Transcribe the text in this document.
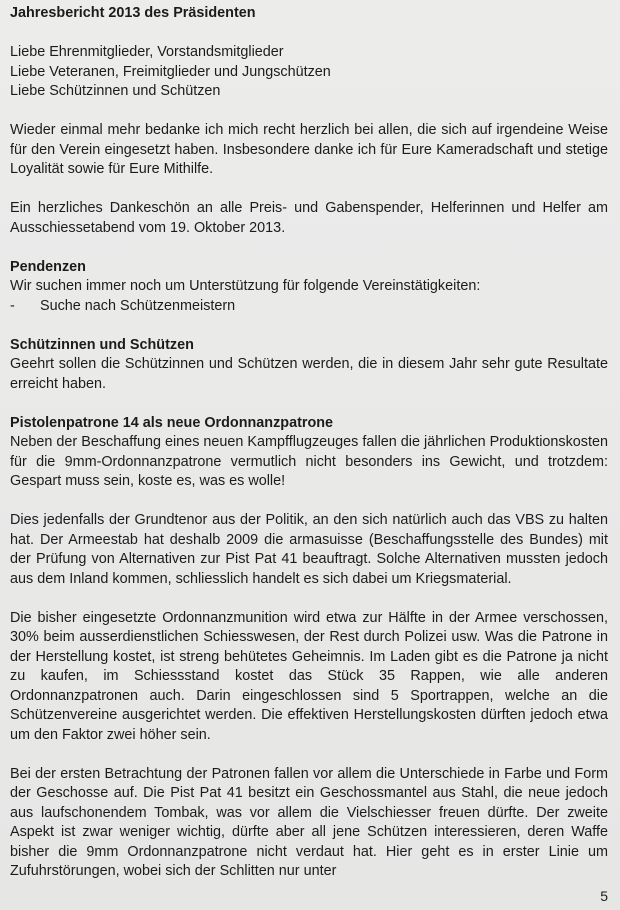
Jahresbericht 2013 des Präsidenten

Liebe Ehrenmitglieder, Vorstandsmitglieder

Liebe Veteranen, Freimitglieder und Jungschützen

Liebe Schützinnen und Schützen

Wieder einmal mehr bedanke ich mich recht herzlich bei allen, die sich auf irgendeine Weise für den Verein eingesetzt haben. Insbesondere danke ich für Eure Kameradschaft und stetige Loyalität sowie für Eure Mithilfe.

Ein herzliches Dankeschön an alle Preis- und Gabenspender, Helferinnen und Helfer am Ausschiessetabend vom 19. Oktober 2013.

Pendenzen

Wir suchen immer noch um Unterstützung für folgende Vereinstätigkeiten:

-	Suche nach Schützenmeistern

Schützinnen und Schützen

Geehrt sollen die Schützinnen und Schützen werden, die in diesem Jahr sehr gute Resultate erreicht haben.

Pistolenpatrone 14 als neue Ordonnanzpatrone

Neben der Beschaffung eines neuen Kampfflugzeuges fallen die jährlichen Produktionskosten für die 9mm-Ordonnanzpatrone vermutlich nicht besonders ins Gewicht, und trotzdem: Gespart muss sein, koste es, was es wolle!

Dies jedenfalls der Grundtenor aus der Politik, an den sich natürlich auch das VBS zu halten hat. Der Armeestab hat deshalb 2009 die armasuisse (Beschaffungsstelle des Bundes) mit der Prüfung von Alternativen zur Pist Pat 41 beauftragt. Solche Alternativen mussten jedoch aus dem Inland kommen, schliesslich handelt es sich dabei um Kriegsmaterial.

Die bisher eingesetzte Ordonnanzmunition wird etwa zur Hälfte in der Armee verschossen, 30% beim ausserdienstlichen Schiesswesen, der Rest durch Polizei usw. Was die Patrone in der Herstellung kostet, ist streng behütetes Geheimnis. Im Laden gibt es die Patrone ja nicht zu kaufen, im Schiessstand kostet das Stück 35 Rappen, wie alle anderen Ordonnanzpatronen auch. Darin eingeschlossen sind 5 Sportrappen, welche an die Schützenvereine ausgerichtet werden. Die effektiven Herstellungskosten dürften jedoch etwa um den Faktor zwei höher sein.

Bei der ersten Betrachtung der Patronen fallen vor allem die Unterschiede in Farbe und Form der Geschosse auf. Die Pist Pat 41 besitzt ein Geschossmantel aus Stahl, die neue jedoch aus laufschonendem Tombak, was vor allem die Vielschiesser freuen dürfte. Der zweite Aspekt ist zwar weniger wichtig, dürfte aber all jene Schützen interessieren, deren Waffe bisher die 9mm Ordonnanzpatrone nicht verdaut hat. Hier geht es in erster Linie um Zufuhrstörungen, wobei sich der Schlitten nur unter

5
